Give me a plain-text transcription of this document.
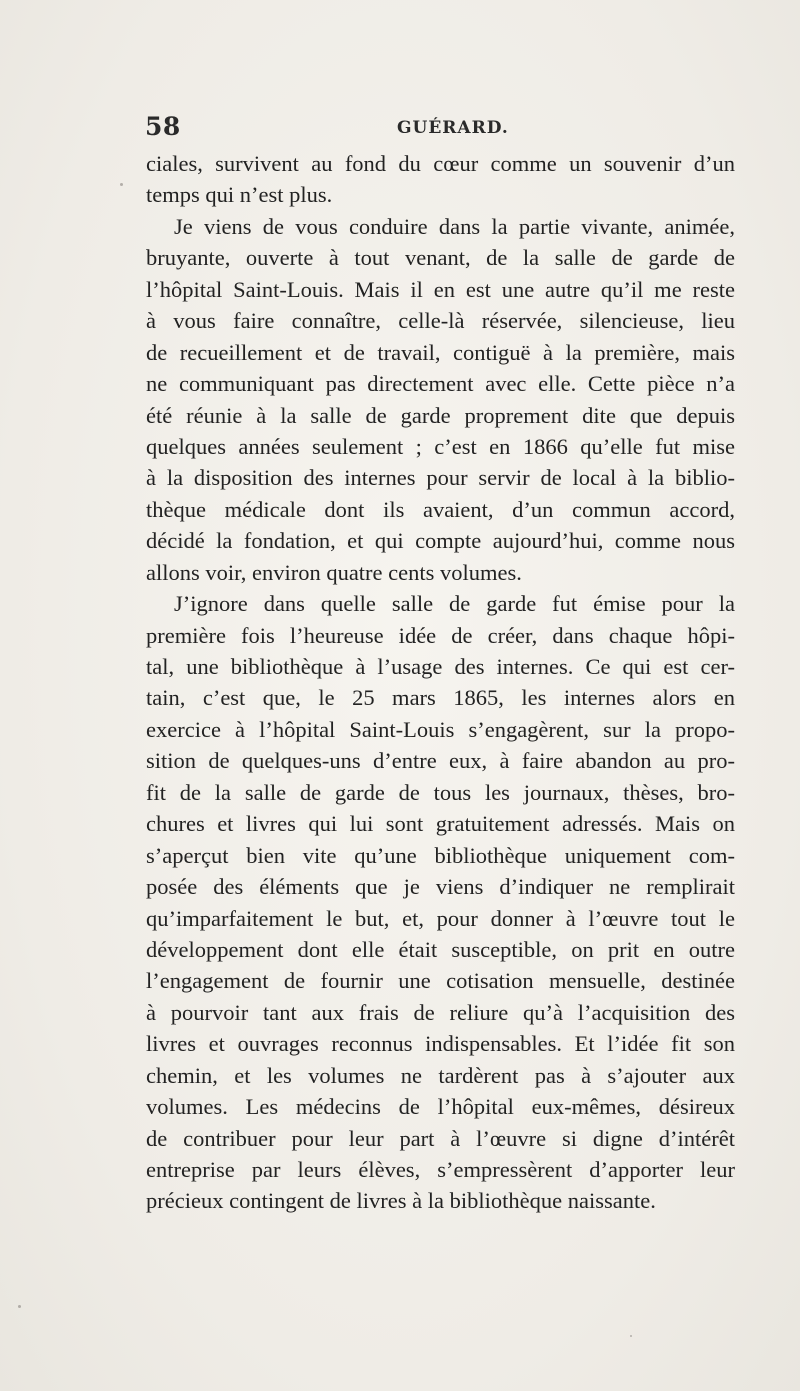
58	GUÉRARD.
ciales, survivent au fond du cœur comme un souvenir d’un
temps qui n’est plus.
Je viens de vous conduire dans la partie vivante, animée,
bruyante, ouverte à tout venant, de la salle de garde de
l’hôpital Saint-Louis. Mais il en est une autre qu’il me reste
à vous faire connaître, celle-là réservée, silencieuse, lieu
de recueillement et de travail, contiguë à la première, mais
ne communiquant pas directement avec elle. Cette pièce n’a
été réunie à la salle de garde proprement dite que depuis
quelques années seulement ; c’est en 1866 qu’elle fut mise
à la disposition des internes pour servir de local à la biblio-
thèque médicale dont ils avaient, d’un commun accord,
décidé la fondation, et qui compte aujourd’hui, comme nous
allons voir, environ quatre cents volumes.
J’ignore dans quelle salle de garde fut émise pour la
première fois l’heureuse idée de créer, dans chaque hôpi-
tal, une bibliothèque à l’usage des internes. Ce qui est cer-
tain, c’est que, le 25 mars 1865, les internes alors en
exercice à l’hôpital Saint-Louis s’engagèrent, sur la propo-
sition de quelques-uns d’entre eux, à faire abandon au pro-
fit de la salle de garde de tous les journaux, thèses, bro-
chures et livres qui lui sont gratuitement adressés. Mais on
s’aperçut bien vite qu’une bibliothèque uniquement com-
posée des éléments que je viens d’indiquer ne remplirait
qu’imparfaitement le but, et, pour donner à l’œuvre tout le
développement dont elle était susceptible, on prit en outre
l’engagement de fournir une cotisation mensuelle, destinée
à pourvoir tant aux frais de reliure qu’à l’acquisition des
livres et ouvrages reconnus indispensables. Et l’idée fit son
chemin, et les volumes ne tardèrent pas à s’ajouter aux
volumes. Les médecins de l’hôpital eux-mêmes, désireux
de contribuer pour leur part à l’œuvre si digne d’intérêt
entreprise par leurs élèves, s’empressèrent d’apporter leur
précieux contingent de livres à la bibliothèque naissante.
